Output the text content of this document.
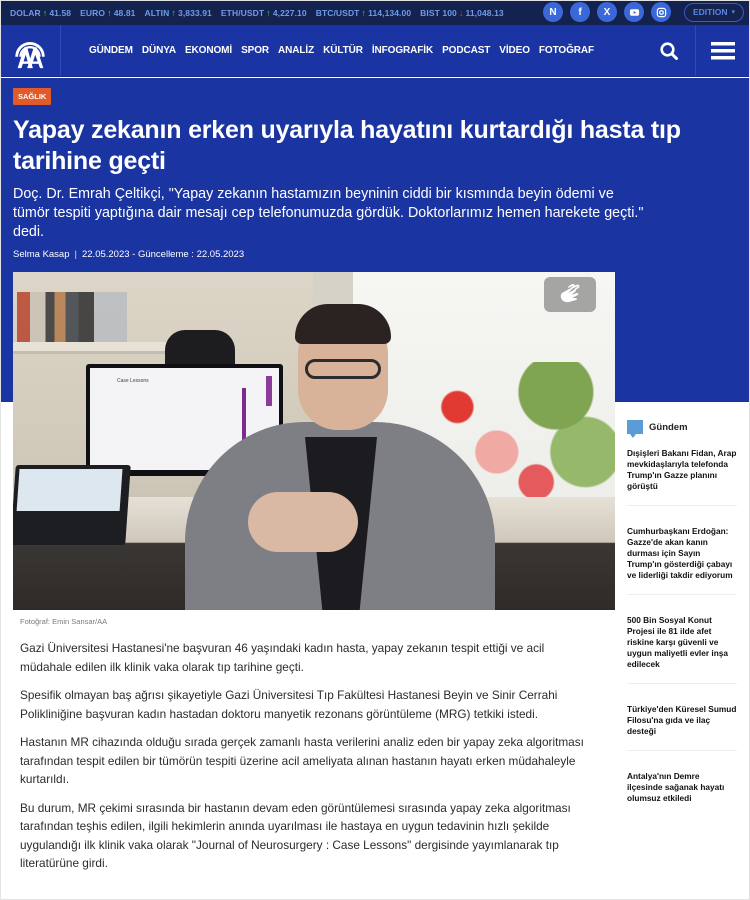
DOLAR ↑ 41.58 EURO ↑ 48.81 ALTIN ↑ 3,833.91 ETH/USDT ↑ 4,227.10 BTC/USDT ↑ 114,134.00 BIST 100 ↓ 11,048.13	N f X	EDITION ▾
GÜNDEM DÜNYA EKONOMİ SPOR ANALİZ KÜLTÜR İNFOGRAFİK PODCAST VİDEO FOTOĞRAF
SAĞLIK
Yapay zekanın erken uyarıyla hayatını kurtardığı hasta tıp tarihine geçti

Doç. Dr. Emrah Çeltikçi, "Yapay zekanın hastamızın beyninin ciddi bir kısmında beyin ödemi ve tümör tespiti yaptığına dair mesajı cep telefonumuzda gördük. Doktorlarımız hemen harekete geçti." dedi.

Selma Kasap | 22.05.2023 - Güncelleme : 22.05.2023
Case Lessons
Fotoğraf: Emin Sansar/AA

Gazi Üniversitesi Hastanesi'ne başvuran 46 yaşındaki kadın hasta, yapay zekanın tespit ettiği ve acil müdahale edilen ilk klinik vaka olarak tıp tarihine geçti.

Spesifik olmayan baş ağrısı şikayetiyle Gazi Üniversitesi Tıp Fakültesi Hastanesi Beyin ve Sinir Cerrahi Polikliniğine başvuran kadın hastadan doktoru manyetik rezonans görüntüleme (MRG) tetkiki istedi.

Hastanın MR cihazında olduğu sırada gerçek zamanlı hasta verilerini analiz eden bir yapay zeka algoritması tarafından tespit edilen bir tümörün tespiti üzerine acil ameliyata alınan hastanın hayatı erken müdahaleyle kurtarıldı.

Bu durum, MR çekimi sırasında bir hastanın devam eden görüntülemesi sırasında yapay zeka algoritması tarafından teşhis edilen, ilgili hekimlerin anında uyarılması ile hastaya en uygun tedavinin hızlı şekilde uygulandığı ilk klinik vaka olarak "Journal of Neurosurgery : Case Lessons" dergisinde yayımlanarak tıp literatürüne girdi.

Gündem
Dışişleri Bakanı Fidan, Arap mevkidaşlarıyla telefonda Trump'ın Gazze planını görüştü
Cumhurbaşkanı Erdoğan: Gazze'de akan kanın durması için Sayın Trump'ın gösterdiği çabayı ve liderliği takdir ediyorum
500 Bin Sosyal Konut Projesi ile 81 ilde afet riskine karşı güvenli ve uygun maliyetli evler inşa edilecek
Türkiye'den Küresel Sumud Filosu'na gıda ve ilaç desteği
Antalya'nın Demre ilçesinde sağanak hayatı olumsuz etkiledi
